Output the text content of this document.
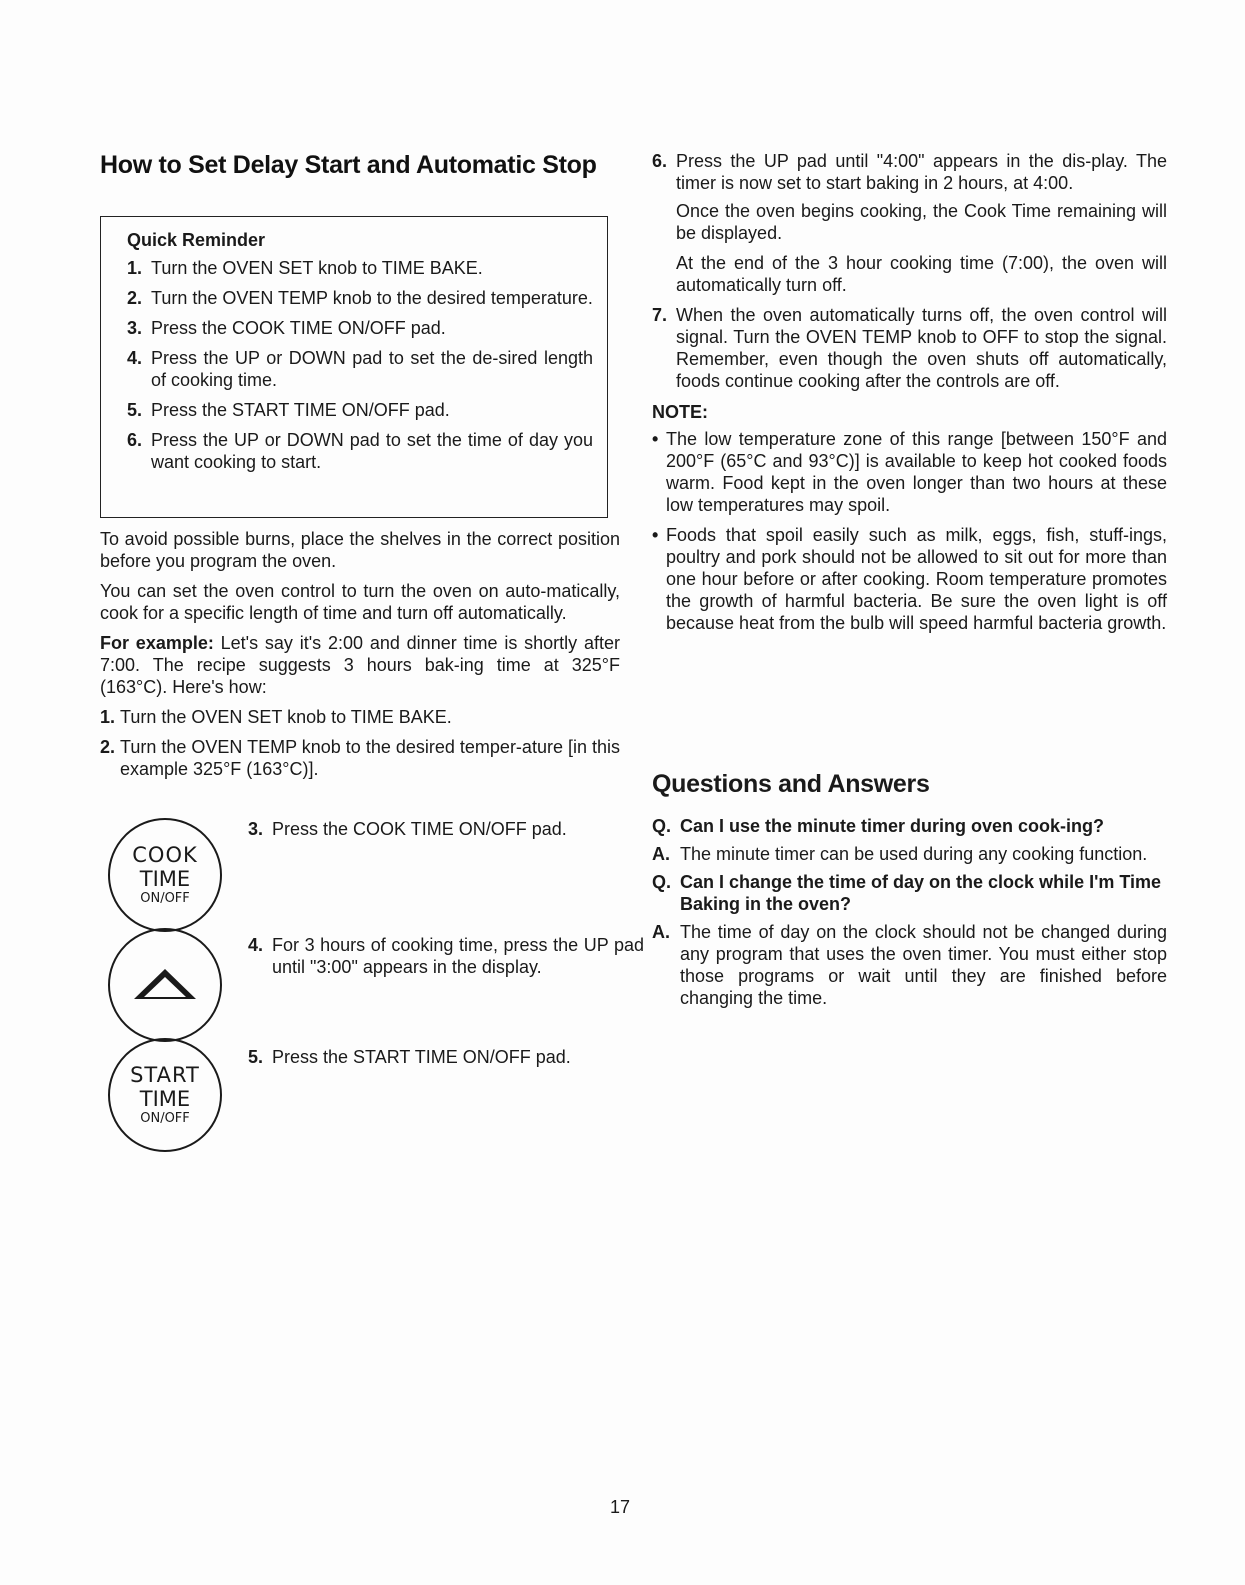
How to Set Delay Start and Automatic Stop
Quick Reminder
1. Turn the OVEN SET knob to TIME BAKE.
2. Turn the OVEN TEMP knob to the desired temperature.
3. Press the COOK TIME ON/OFF pad.
4. Press the UP or DOWN pad to set the de-sired length of cooking time.
5. Press the START TIME ON/OFF pad.
6. Press the UP or DOWN pad to set the time of day you want cooking to start.

To avoid possible burns, place the shelves in the correct position before you program the oven.

You can set the oven control to turn the oven on auto-matically, cook for a specific length of time and turn off automatically.

For example: Let's say it's 2:00 and dinner time is shortly after 7:00. The recipe suggests 3 hours bak-ing time at 325°F (163°C). Here's how:

1. Turn the OVEN SET knob to TIME BAKE.
2. Turn the OVEN TEMP knob to the desired temper-ature [in this example 325°F (163°C)].
COOK
TIME
ON/OFF
3. Press the COOK TIME ON/OFF pad.
4. For 3 hours of cooking time, press the UP pad until "3:00" appears in the display.
START
TIME
ON/OFF
5. Press the START TIME ON/OFF pad.
6. Press the UP pad until "4:00" appears in the dis-play. The timer is now set to start baking in 2 hours, at 4:00.

Once the oven begins cooking, the Cook Time remaining will be displayed.

At the end of the 3 hour cooking time (7:00), the oven will automatically turn off.

7. When the oven automatically turns off, the oven control will signal. Turn the OVEN TEMP knob to OFF to stop the signal. Remember, even though the oven shuts off automatically, foods continue cooking after the controls are off.
NOTE:
• The low temperature zone of this range [between 150°F and 200°F (65°C and 93°C)] is available to keep hot cooked foods warm. Food kept in the oven longer than two hours at these low temperatures may spoil.
• Foods that spoil easily such as milk, eggs, fish, stuff-ings, poultry and pork should not be allowed to sit out for more than one hour before or after cooking. Room temperature promotes the growth of harmful bacteria. Be sure the oven light is off because heat from the bulb will speed harmful bacteria growth.
Questions and Answers
Q. Can I use the minute timer during oven cook-ing?
A. The minute timer can be used during any cooking function.
Q. Can I change the time of day on the clock while I'm Time Baking in the oven?
A. The time of day on the clock should not be changed during any program that uses the oven timer. You must either stop those programs or wait until they are finished before changing the time.
17
